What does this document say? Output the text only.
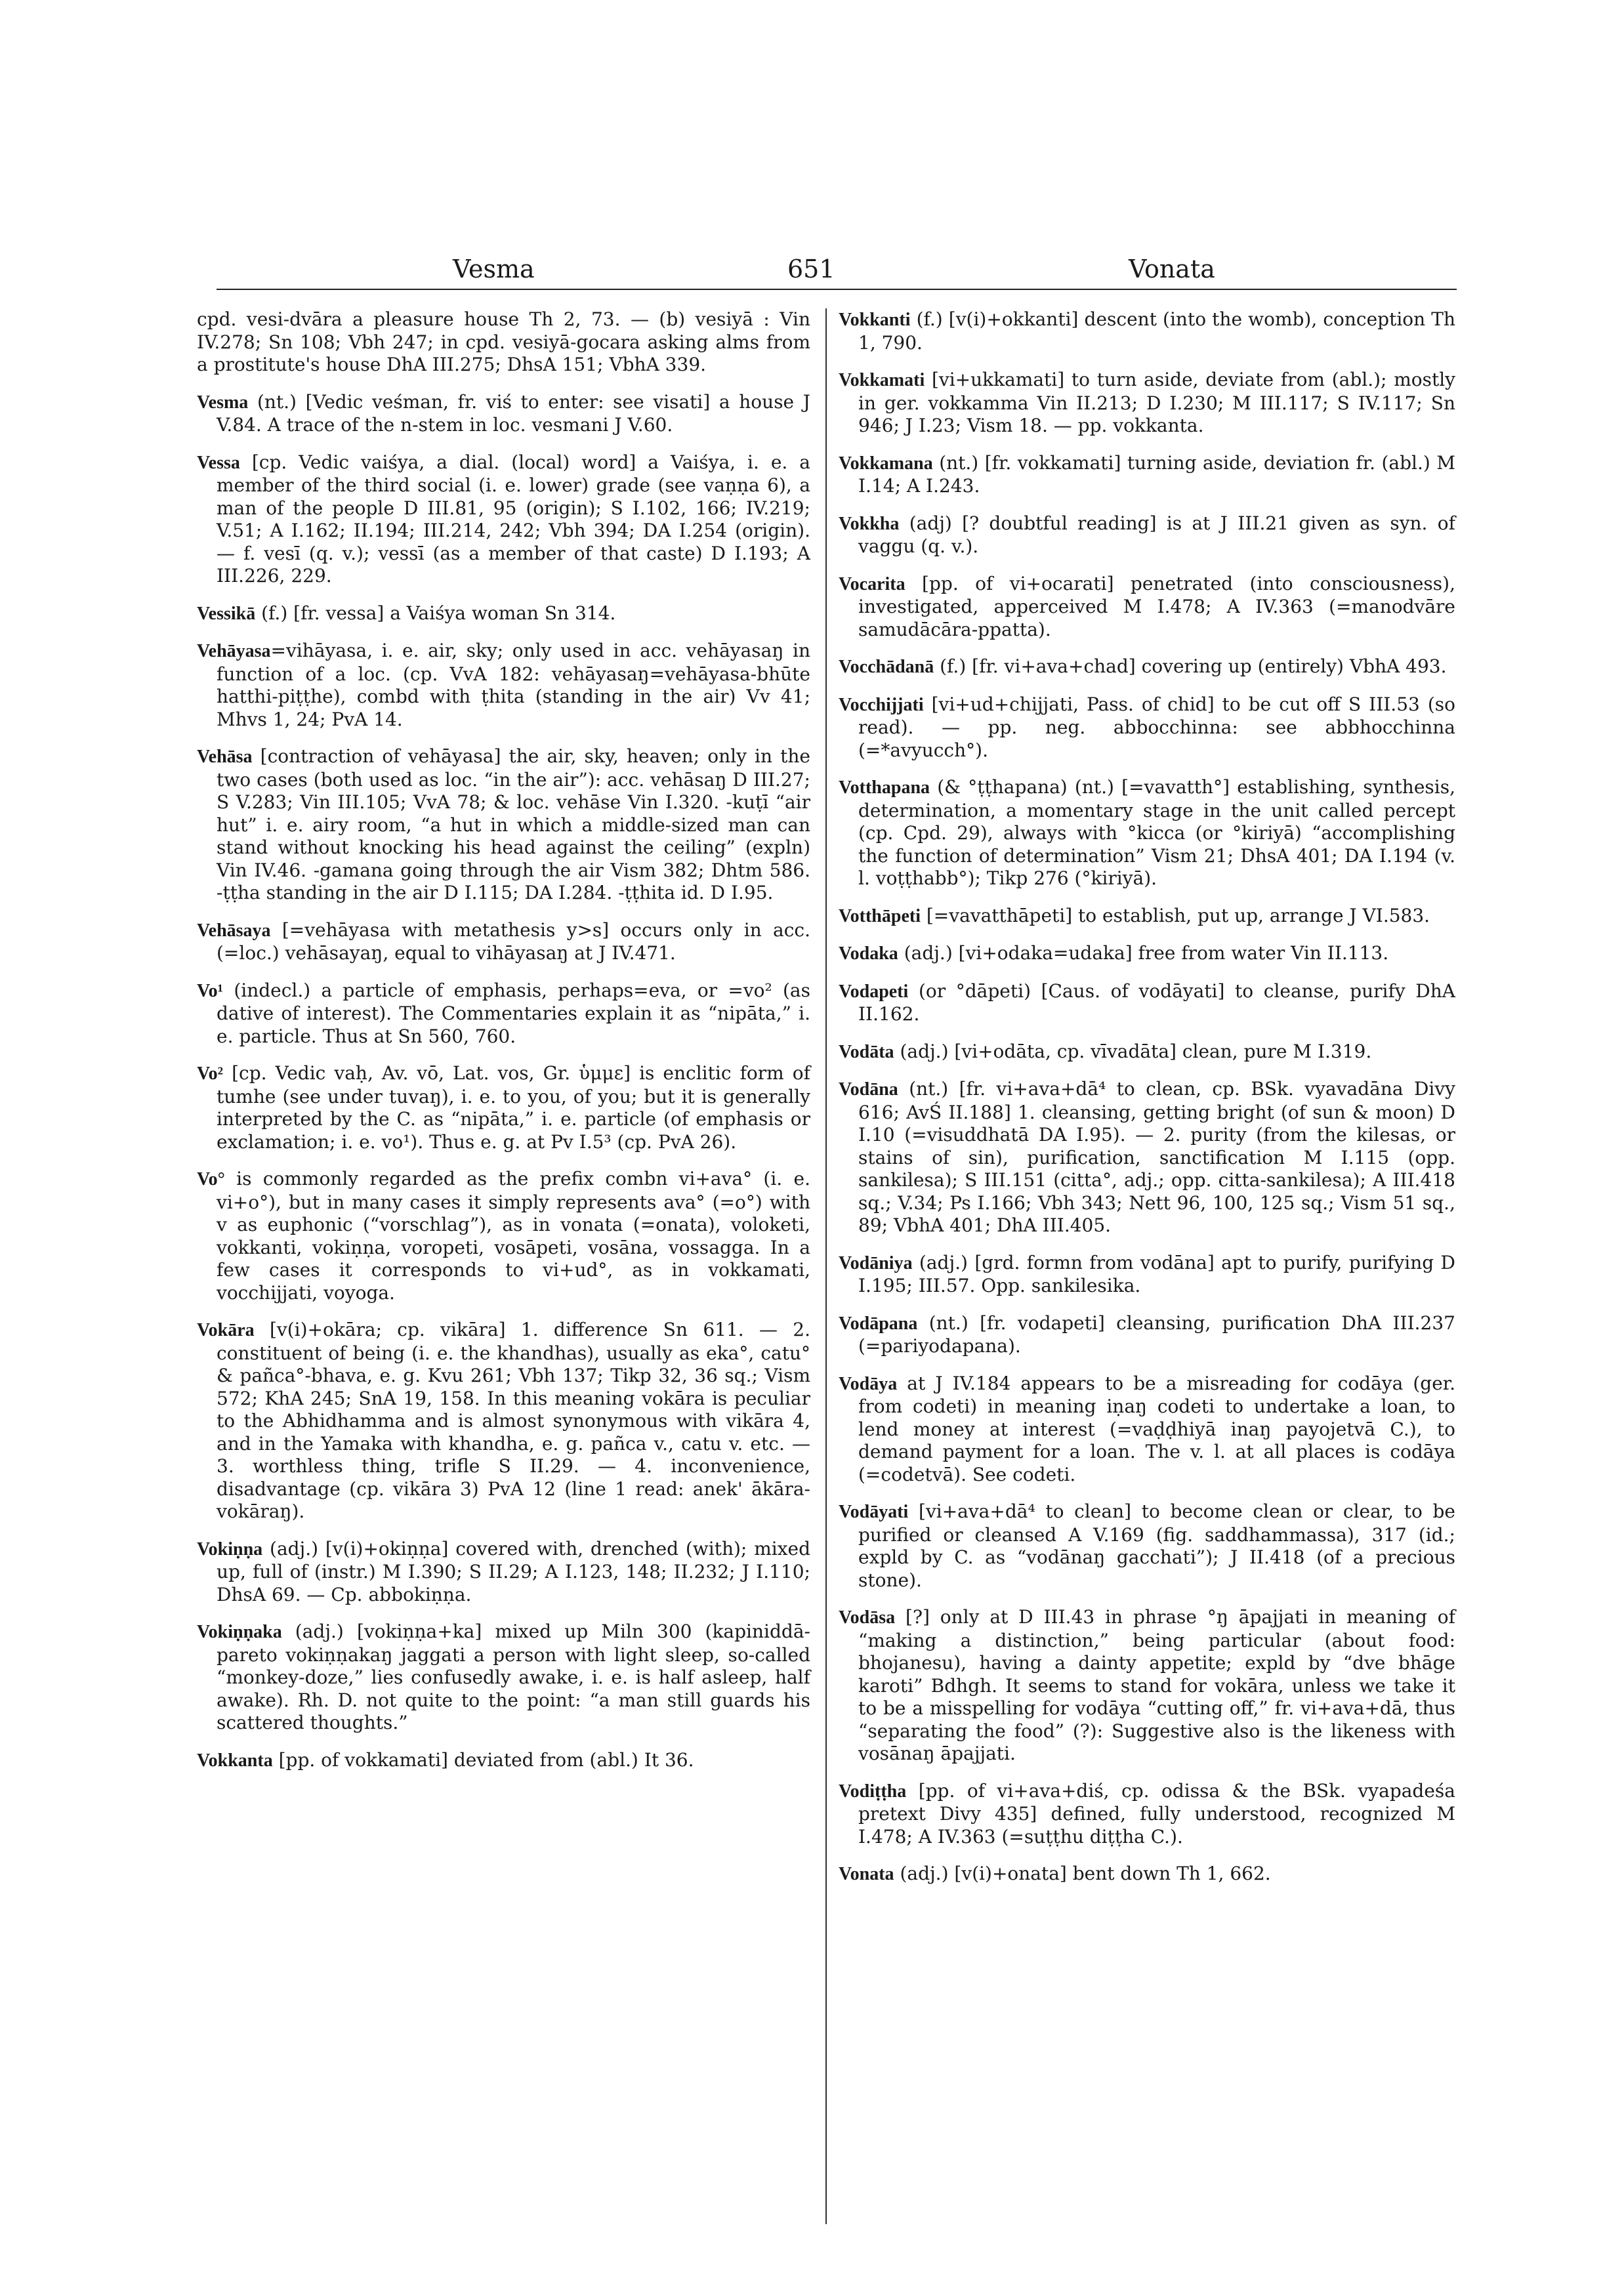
Vesma	651	Vonata

cpd. vesi-dvāra a pleasure house Th 2, 73. — (b) vesiyā : Vin IV.278; Sn 108; Vbh 247; in cpd. vesiyā-gocara asking alms from a prostitute's house DhA III.275; DhsA 151; VbhA 339.

Vesma (nt.) [Vedic veśman, fr. viś to enter: see visati] a house J V.84. A trace of the n-stem in loc. vesmani J V.60.

Vessa [cp. Vedic vaiśya, a dial. (local) word] a Vaiśya, i. e. a member of the third social (i. e. lower) grade (see vaṇṇa 6), a man of the people D III.81, 95 (origin); S I.102, 166; IV.219; V.51; A I.162; II.194; III.214, 242; Vbh 394; DA I.254 (origin). — f. vesī (q. v.); vessī (as a member of that caste) D I.193; A III.226, 229.

Vessikā (f.) [fr. vessa] a Vaiśya woman Sn 314.

Vehāyasa=vihāyasa, i. e. air, sky; only used in acc. vehāyasaŋ in function of a loc. (cp. VvA 182: vehāyasaŋ=vehāyasa-bhūte hatthi-piṭṭhe), combd with ṭhita (standing in the air) Vv 41; Mhvs 1, 24; PvA 14.

Vehāsa [contraction of vehāyasa] the air, sky, heaven; only in the two cases (both used as loc. “in the air”): acc. vehāsaŋ D III.27; S V.283; Vin III.105; VvA 78; & loc. vehāse Vin I.320. -kuṭī “air hut” i. e. airy room, “a hut in which a middle-sized man can stand without knocking his head against the ceiling” (expln) Vin IV.46. -gamana going through the air Vism 382; Dhtm 586. -ṭṭha standing in the air D I.115; DA I.284. -ṭṭhita id. D I.95.

Vehāsaya [=vehāyasa with metathesis y>s] occurs only in acc. (=loc.) vehāsayaŋ, equal to vihāyasaŋ at J IV.471.

Vo¹ (indecl.) a particle of emphasis, perhaps=eva, or =vo² (as dative of interest). The Commentaries explain it as “nipāta,” i. e. particle. Thus at Sn 560, 760.

Vo² [cp. Vedic vaḥ, Av. vō, Lat. vos, Gr. ὑμμε] is enclitic form of tumhe (see under tuvaŋ), i. e. to you, of you; but it is generally interpreted by the C. as “nipāta,” i. e. particle (of emphasis or exclamation; i. e. vo¹). Thus e. g. at Pv I.5³ (cp. PvA 26).

Vo° is commonly regarded as the prefix combn vi+ava° (i. e. vi+o°), but in many cases it simply represents ava° (=o°) with v as euphonic (“vorschlag”), as in vonata (=onata), voloketi, vokkanti, vokiṇṇa, voropeti, vosāpeti, vosāna, vossagga. In a few cases it corresponds to vi+ud°, as in vokkamati, vocchijjati, voyoga.

Vokāra [v(i)+okāra; cp. vikāra] 1. difference Sn 611. — 2. constituent of being (i. e. the khandhas), usually as eka°, catu° & pañca°-bhava, e. g. Kvu 261; Vbh 137; Tikp 32, 36 sq.; Vism 572; KhA 245; SnA 19, 158. In this meaning vokāra is peculiar to the Abhidhamma and is almost synonymous with vikāra 4, and in the Yamaka with khandha, e. g. pañca v., catu v. etc. — 3. worthless thing, trifle S II.29. — 4. inconvenience, disadvantage (cp. vikāra 3) PvA 12 (line 1 read: anek' ākāra-vokāraŋ).

Vokiṇṇa (adj.) [v(i)+okiṇṇa] covered with, drenched (with); mixed up, full of (instr.) M I.390; S II.29; A I.123, 148; II.232; J I.110; DhsA 69. — Cp. abbokiṇṇa.

Vokiṇṇaka (adj.) [vokiṇṇa+ka] mixed up Miln 300 (kapiniddā-pareto vokiṇṇakaŋ jaggati a person with light sleep, so-called “monkey-doze,” lies confusedly awake, i. e. is half asleep, half awake). Rh. D. not quite to the point: “a man still guards his scattered thoughts.”

Vokkanta [pp. of vokkamati] deviated from (abl.) It 36.

Vokkanti (f.) [v(i)+okkanti] descent (into the womb), conception Th 1, 790.

Vokkamati [vi+ukkamati] to turn aside, deviate from (abl.); mostly in ger. vokkamma Vin II.213; D I.230; M III.117; S IV.117; Sn 946; J I.23; Vism 18. — pp. vokkanta.

Vokkamana (nt.) [fr. vokkamati] turning aside, deviation fr. (abl.) M I.14; A I.243.

Vokkha (adj) [? doubtful reading] is at J III.21 given as syn. of vaggu (q. v.).

Vocarita [pp. of vi+ocarati] penetrated (into consciousness), investigated, apperceived M I.478; A IV.363 (=manodvāre samudācāra-ppatta).

Vocchādanā (f.) [fr. vi+ava+chad] covering up (entirely) VbhA 493.

Vocchijjati [vi+ud+chijjati, Pass. of chid] to be cut off S III.53 (so read). — pp. neg. abbocchinna: see abbhocchinna (=*avyucch°).

Votthapana (& °ṭṭhapana) (nt.) [=vavatth°] establishing, synthesis, determination, a momentary stage in the unit called percept (cp. Cpd. 29), always with °kicca (or °kiriyā) “accomplishing the function of determination” Vism 21; DhsA 401; DA I.194 (v. l. voṭṭhabb°); Tikp 276 (°kiriyā).

Votthāpeti [=vavatthāpeti] to establish, put up, arrange J VI.583.

Vodaka (adj.) [vi+odaka=udaka] free from water Vin II.113.

Vodapeti (or °dāpeti) [Caus. of vodāyati] to cleanse, purify DhA II.162.

Vodāta (adj.) [vi+odāta, cp. vīvadāta] clean, pure M I.319.

Vodāna (nt.) [fr. vi+ava+dā⁴ to clean, cp. BSk. vyavadāna Divy 616; AvŚ II.188] 1. cleansing, getting bright (of sun & moon) D I.10 (=visuddhatā DA I.95). — 2. purity (from the kilesas, or stains of sin), purification, sanctification M I.115 (opp. sankilesa); S III.151 (citta°, adj.; opp. citta-sankilesa); A III.418 sq.; V.34; Ps I.166; Vbh 343; Nett 96, 100, 125 sq.; Vism 51 sq., 89; VbhA 401; DhA III.405.

Vodāniya (adj.) [grd. formn from vodāna] apt to purify, purifying D I.195; III.57. Opp. sankilesika.

Vodāpana (nt.) [fr. vodapeti] cleansing, purification DhA III.237 (=pariyodapana).

Vodāya at J IV.184 appears to be a misreading for codāya (ger. from codeti) in meaning iṇaŋ codeti to undertake a loan, to lend money at interest (=vaḍḍhiyā inaŋ payojetvā C.), to demand payment for a loan. The v. l. at all places is codāya (=codetvā). See codeti.

Vodāyati [vi+ava+dā⁴ to clean] to become clean or clear, to be purified or cleansed A V.169 (fig. saddhammassa), 317 (id.; expld by C. as “vodānaŋ gacchati”); J II.418 (of a precious stone).

Vodāsa [?] only at D III.43 in phrase °ŋ āpajjati in meaning of “making a distinction,” being particular (about food: bhojanesu), having a dainty appetite; expld by “dve bhāge karoti” Bdhgh. It seems to stand for vokāra, unless we take it to be a misspelling for vodāya “cutting off,” fr. vi+ava+dā, thus “separating the food” (?): Suggestive also is the likeness with vosānaŋ āpajjati.

Vodiṭṭha [pp. of vi+ava+diś, cp. odissa & the BSk. vyapadeśa pretext Divy 435] defined, fully understood, recognized M I.478; A IV.363 (=suṭṭhu diṭṭha C.).

Vonata (adj.) [v(i)+onata] bent down Th 1, 662.
